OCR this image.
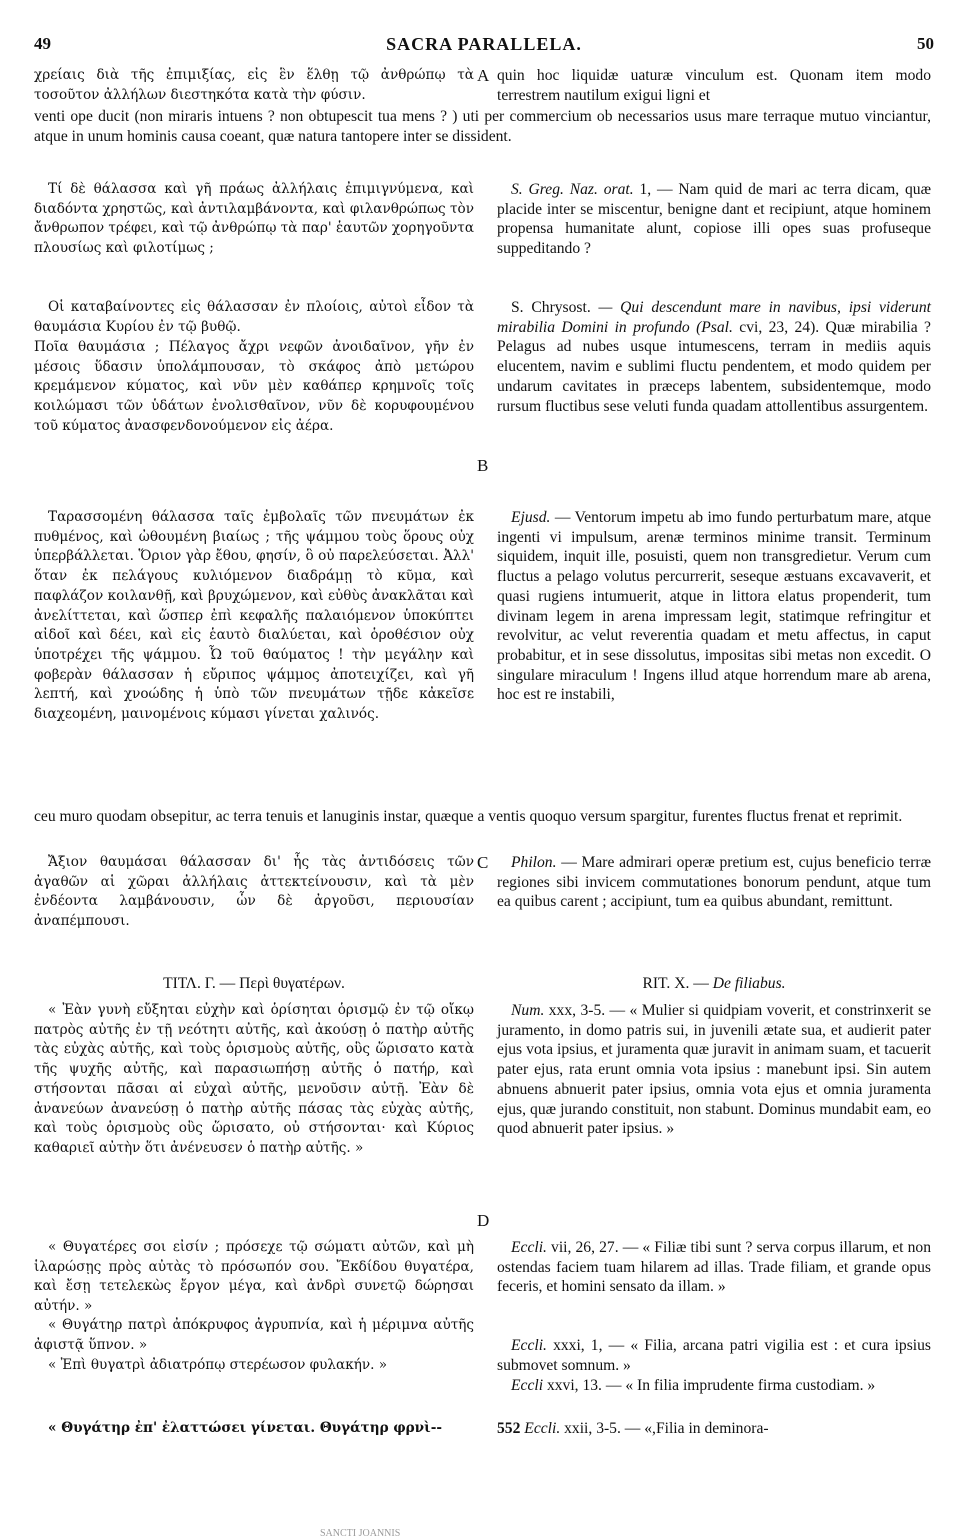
49	SACRA PARALLELA.	50

χρείαις διὰ τῆς ἐπιμιξίας, εἰς ἓν ἕλθῃ τῷ ἀνθρώπῳ τὰ τοσοῦτον ἀλλήλων διεστηκότα κατὰ τὴν φύσιν.

A quin hoc liquidæ uaturæ vinculum est. Quonam item modo terrestrem nautilum exigui ligni et

venti ope ducit (non miraris intuens ? non obtupescit tua mens ? ) uti per commercium ob necessarios usus mare terraque mutuo vinciantur, atque in unum hominis causa coeant, quæ natura tantopere inter se dissident.

Τί δὲ θάλασσα καὶ γῆ πράως ἀλλήλαις ἐπιμιγνύμενα, καὶ διαδόντα χρηστῶς, καὶ ἀντιλαμβάνοντα, καὶ φιλανθρώπως τὸν ἄνθρωπον τρέφει, καὶ τῷ ἀνθρώπῳ τὰ παρ' ἑαυτῶν χορηγοῦντα πλουσίως καὶ φιλοτίμως ;

S. Greg. Naz. orat. 1, — Nam quid de mari ac terra dicam, quæ placide inter se miscentur, benigne dant et recipiunt, atque hominem propensa humanitate alunt, copiose illi opes suas profuseque suppeditando ?

Οἱ καταβαίνοντες εἰς θάλασσαν ἐν πλοίοις, αὐτοὶ εἶδον τὰ θαυμάσια Κυρίου ἐν τῷ βυθῷ.

Ποῖα θαυμάσια ; Πέλαγος ἄχρι νεφῶν ἀνοιδαῖνον, γῆν ἐν μέσοις ὕδασιν ὑπολάμπουσαν, τὸ σκάφος ἀπὸ μετώρου κρεμάμενον κύματος, καὶ νῦν μὲν καθάπερ κρημνοῖς τοῖς κοιλώμασι τῶν ὑδάτων ἐνολισθαῖνον, νῦν δὲ κορυφουμένου τοῦ κύματος ἀνασφενδονούμενον εἰς ἀέρα.

B

S. Chrysost. — Qui descendunt mare in navibus, ipsi viderunt mirabilia Domini in profundo (Psal. cvi, 23, 24). Quæ mirabilia ? Pelagus ad nubes usque intumescens, terram in mediis aquis elucentem, navim e sublimi fluctu pendentem, et modo quidem per undarum cavitates in præceps labentem, subsidentemque, modo rursum fluctibus sese veluti funda quadam attollentibus assurgentem.

Ταρασσομένη θάλασσα ταῖς ἐμβολαῖς τῶν πνευμάτων ἐκ πυθμένος, καὶ ὠθουμένη βιαίως ; τῆς ψάμμου τοὺς ὅρους οὐχ ὑπερβάλλεται. Ὅριον γὰρ ἔθου, φησίν, ὃ οὐ παρελεύσεται. Ἀλλ' ὅταν ἐκ πελάγους κυλιόμενον διαδράμῃ τὸ κῦμα, καὶ παφλάζον κοιλανθῇ, καὶ βρυχώμενον, καὶ εὐθὺς ἀνακλᾶται καὶ ἀνελίττεται, καὶ ὥσπερ ἐπὶ κεφαλῆς παλαιόμενον ὑποκύπτει αἰδοῖ καὶ δέει, καὶ εἰς ἑαυτὸ διαλύεται, καὶ ὁροθέσιον οὐχ ὑποτρέχει τῆς ψάμμου. Ὦ τοῦ θαύματος ! τὴν μεγάλην καὶ φοβερὰν θάλασσαν ἡ εὔριπος ψάμμος ἀποτειχίζει, καὶ γῆ λεπτή, καὶ χνοώδης ἡ ὑπὸ τῶν πνευμάτων τῇδε κἀκεῖσε διαχεομένη, μαινομένοις κύμασι γίνεται χαλινός.

Ejusd. — Ventorum impetu ab imo fundo perturbatum mare, atque ingenti vi impulsum, arenæ terminos minime transit. Terminum siquidem, inquit ille, posuisti, quem non transgredietur. Verum cum fluctus a pelago volutus percurrerit, seseque æstuans excavaverit, et quasi rugiens intumuerit, atque in littora elatus propenderit, tum divinam legem in arena impressam legit, statimque refringitur et revolvitur, ac velut reverentia quadam et metu affectus, in caput probabitur, et in sese dissolutus, impositas sibi metas non excedit. O singulare miraculum ! Ingens illud atque horrendum mare ab arena, hoc est re instabili,

ceu muro quodam obsepitur, ac terra tenuis et lanuginis instar, quæque a ventis quoquo versum spargitur, furentes fluctus frenat et reprimit.

Ἄξιον θαυμάσαι θάλασσαν δι' ἧς τὰς ἀντιδόσεις τῶν ἀγαθῶν αἱ χῶραι ἀλλήλαις ἀττεκτείνουσιν, καὶ τὰ μὲν ἐνδέοντα λαμβάνουσιν, ὧν δὲ ἀργοῦσι, περιουσίαν ἀναπέμπουσι.

C	Philon. — Mare admirari operæ pretium est, cujus beneficio terræ regiones sibi invicem commutationes bonorum pendunt, atque tum ea quibus carent ; accipiunt, tum ea quibus abundant, remittunt.

ΤΙΤΛ. Γ. — Περὶ θυγατέρων.	RIT. X. — De filiabus.

« Ἐὰν γυνὴ εὔξηται εὐχὴν καὶ ὁρίσηται ὁρισμῷ ἐν τῷ οἴκῳ πατρὸς αὐτῆς ἐν τῇ νεότητι αὐτῆς, καὶ ἀκούσῃ ὁ πατὴρ αὐτῆς τὰς εὐχὰς αὐτῆς, καὶ τοὺς ὁρισμοὺς αὐτῆς, οὓς ὥρισατο κατὰ τῆς ψυχῆς αὐτῆς, καὶ παρασιωπήσῃ αὐτῆς ὁ πατήρ, καὶ στήσονται πᾶσαι αἱ εὐχαὶ αὐτῆς, μενοῦσιν αὐτῇ. Ἐὰν δὲ ἀνανεύων ἀνανεύσῃ ὁ πατὴρ αὐτῆς πάσας τὰς εὐχὰς αὐτῆς, καὶ τοὺς ὁρισμοὺς οὓς ὥρισατο, οὐ στήσονται· καὶ Κύριος καθαριεῖ αὐτὴν ὅτι ἀνένευσεν ὁ πατὴρ αὐτῆς. »

D

Num. xxx, 3-5. — « Mulier si quidpiam voverit, et constrinxerit se juramento, in domo patris sui, in juvenili ætate sua, et audierit pater ejus vota ipsius, et juramenta quæ juravit in animam suam, et tacuerit pater ejus, rata erunt omnia vota ipsius : manebunt ipsi. Sin autem abnuens abnuerit pater ipsius, omnia vota ejus et omnia juramenta ejus, quæ jurando constituit, non stabunt. Dominus mundabit eam, eo quod abnuerit pater ipsius. »

« Θυγατέρες σοι εἰσίν ; πρόσεχε τῷ σώματι αὐτῶν, καὶ μὴ ἱλαρώσῃς πρὸς αὐτὰς τὸ πρόσωπόν σου. Ἔκδίδου θυγατέρα, καὶ ἔσῃ τετελεκὼς ἔργον μέγα, καὶ ἀνδρὶ συνετῷ δώρησαι αὐτήν. »

Eccli. vii, 26, 27. — « Filiæ tibi sunt ? serva corpus illarum, et non ostendas faciem tuam hilarem ad illas. Trade filiam, et grande opus feceris, et homini sensato da illam. »

« Θυγάτηρ πατρὶ ἀπόκρυφος ἀγρυπνία, καὶ ἡ μέριμνα αὐτῆς ἀφιστᾷ ὕπνον. »	Eccli. xxxi, 1, — « Filia, arcana patri vigilia est : et cura ipsius submovet somnum. »

« Ἐπὶ θυγατρὶ ἀδιατρόπῳ στερέωσον φυλακήν. »

Eccli xxvi, 13. — « In filia imprudente firma custodiam. »

« Θυγάτηρ ἐπ' ἐλαττώσει γίνεται. Θυγάτηρ φρνὶ--	552 Eccli. xxii, 3-5. — «,Filia in deminora-

SANCTI JOANNIS
